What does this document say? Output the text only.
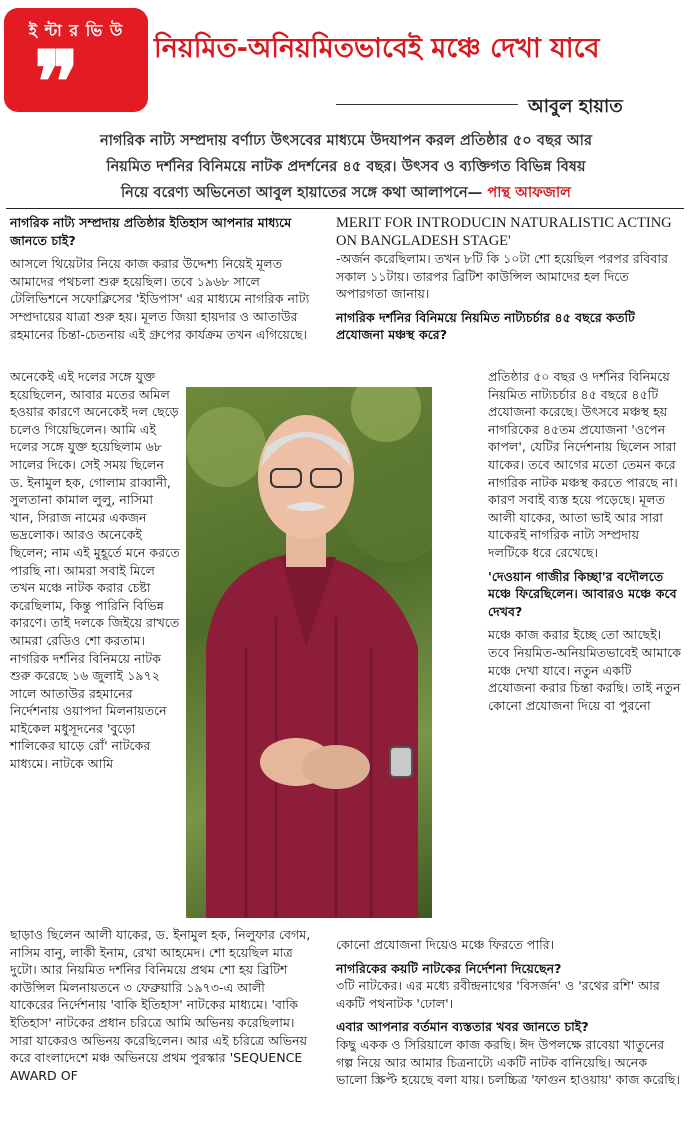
ই ন্টা র ভি উ
❞	নিয়মিত-অনিয়মিতভাবেই মঞ্চে দেখা যাবে
আবুল হায়াত
নাগরিক নাট্য সম্প্রদায় বর্ণাঢ্য উৎসবের মাধ্যমে উদযাপন করল প্রতিষ্ঠার ৫০ বছর আর
নিয়মিত দর্শনির বিনিময়ে নাটক প্রদর্শনের ৪৫ বছর। উৎসব ও ব্যক্তিগত বিভিন্ন বিষয়
নিয়ে বরেণ্য অভিনেতা আবুল হায়াতের সঙ্গে কথা আলাপনে— পান্থ আফজাল
নাগরিক নাট্য সম্প্রদায় প্রতিষ্ঠার ইতিহাস আপনার মাধ্যমে জানতে চাই?
আসলে থিয়েটার নিয়ে কাজ করার উদ্দেশ্য নিয়েই মূলত আমাদের পথচলা শুরু হয়েছিল। তবে ১৯৬৮ সালে টেলিভিশনে সফোক্লিসের 'ইডিপাস' এর মাধ্যমে নাগরিক নাট্য সম্প্রদায়ের যাত্রা শুরু হয়। মূলত জিয়া হায়দার ও আতাউর রহমানের চিন্তা-চেতনায় এই গ্রুপের কার্যক্রম তখন এগিয়েছে।
অনেকেই এই দলের সঙ্গে যুক্ত হয়েছিলেন, আবার মতের অমিল হওয়ার কারণে অনেকেই দল ছেড়ে চলেও গিয়েছিলেন। আমি এই দলের সঙ্গে যুক্ত হয়েছিলাম ৬৮ সালের দিকে। সেই সময় ছিলেন ড. ইনামুল হক, গোলাম রাব্বানী, সুলতানা কামাল লুলু, নাসিমা খান, সিরাজ নামের একজন ভদ্রলোক। আরও অনেকেই ছিলেন; নাম এই মুহূর্তে মনে করতে পারছি না। আমরা সবাই মিলে তখন মঞ্চে নাটক করার চেষ্টা করেছিলাম, কিন্তু পারিনি বিভিন্ন কারণে। তাই দলকে জিইয়ে রাখতে আমরা রেডিও শো করতাম। নাগরিক দর্শনির বিনিময়ে নাটক শুরু করেছে ১৬ জুলাই ১৯৭২ সালে আতাউর রহমানের নির্দেশনায় ওয়াপদা মিলনায়তনে মাইকেল মধুসূদনের 'বুড়ো শালিকের ঘাড়ে রোঁ' নাটকের মাধ্যমে। নাটকে আমি
ছাড়াও ছিলেন আলী যাকের, ড. ইনামুল হক, নিলুফার বেগম, নাসিম বানু, লাকী ইনাম, রেখা আহমেদ। শো হয়েছিল মাত্র দুটো। আর নিয়মিত দর্শনির বিনিময়ে প্রথম শো হয় ব্রিটিশ কাউন্সিল মিলনায়তনে ৩ ফেব্রুয়ারি ১৯৭৩-এ আলী যাকেরের নির্দেশনায় 'বাকি ইতিহাস' নাটকের মাধ্যমে। 'বাকি ইতিহাস' নাটকের প্রধান চরিত্রে আমি অভিনয় করেছিলাম। সারা যাকেরও অভিনয় করেছিলেন। আর এই চরিত্রে অভিনয় করে বাংলাদেশে মঞ্চ অভিনয়ে প্রথম পুরস্কার 'SEQUENCE AWARD OF
MERIT FOR INTRODUCIN NATURALISTIC ACTING ON BANGLADESH STAGE'
-অর্জন করেছিলাম। তখন ৮টি কি ১০টা শো হয়েছিল পরপর রবিবার সকাল ১১টায়। তারপর ব্রিটিশ কাউন্সিল আমাদের হল দিতে অপারগতা জানায়।
নাগরিক দর্শনির বিনিময়ে নিয়মিত নাট্যচর্চার ৪৫ বছরে কতটি প্রযোজনা মঞ্চস্থ করে?
প্রতিষ্ঠার ৫০ বছর ও দর্শনির বিনিময়ে নিয়মিত নাট্যচর্চার ৪৫ বছরে ৪৫টি প্রযোজনা করেছে। উৎসবে মঞ্চস্থ হয় নাগরিকের ৪৫তম প্রযোজনা 'ওপেন কাপল', যেটির নির্দেশনায় ছিলেন সারা যাকের। তবে আগের মতো তেমন করে নাগরিক নাটক মঞ্চস্থ করতে পারছে না। কারণ সবাই ব্যস্ত হয়ে পড়েছে। মূলত আলী যাকের, আতা ভাই আর সারা যাকেরই নাগরিক নাট্য সম্প্রদায় দলটিকে ধরে রেখেছে।
'দেওয়ান গাজীর কিচ্ছা'র বদৌলতে মঞ্চে ফিরেছিলেন। আবারও মঞ্চে কবে দেখব?
মঞ্চে কাজ করার ইচ্ছে তো আছেই। তবে নিয়মিত-অনিয়মিতভাবেই আমাকে মঞ্চে দেখা যাবে। নতুন একটি প্রযোজনা করার চিন্তা করছি। তাই নতুন কোনো প্রযোজনা দিয়ে বা পুরনো
কোনো প্রযোজনা দিয়েও মঞ্চে ফিরতে পারি।
নাগরিকের কয়টি নাটকের নির্দেশনা দিয়েছেন?
৩টি নাটকের। এর মধ্যে রবীন্দ্রনাথের 'বিসর্জন' ও 'রথের রশি' আর একটি পথনাটক 'ঢোল'।
এবার আপনার বর্তমান ব্যস্ততার খবর জানতে চাই?
কিছু একক ও সিরিয়ালে কাজ করছি। ঈদ উপলক্ষে রাবেয়া খাতুনের গল্প নিয়ে আর আমার চিত্রনাট্যে একটি নাটক বানিয়েছি। অনেক ভালো স্ক্রিপ্ট হয়েছে বলা যায়। চলচ্চিত্র 'ফাগুন হাওয়ায়' কাজ করেছি।
